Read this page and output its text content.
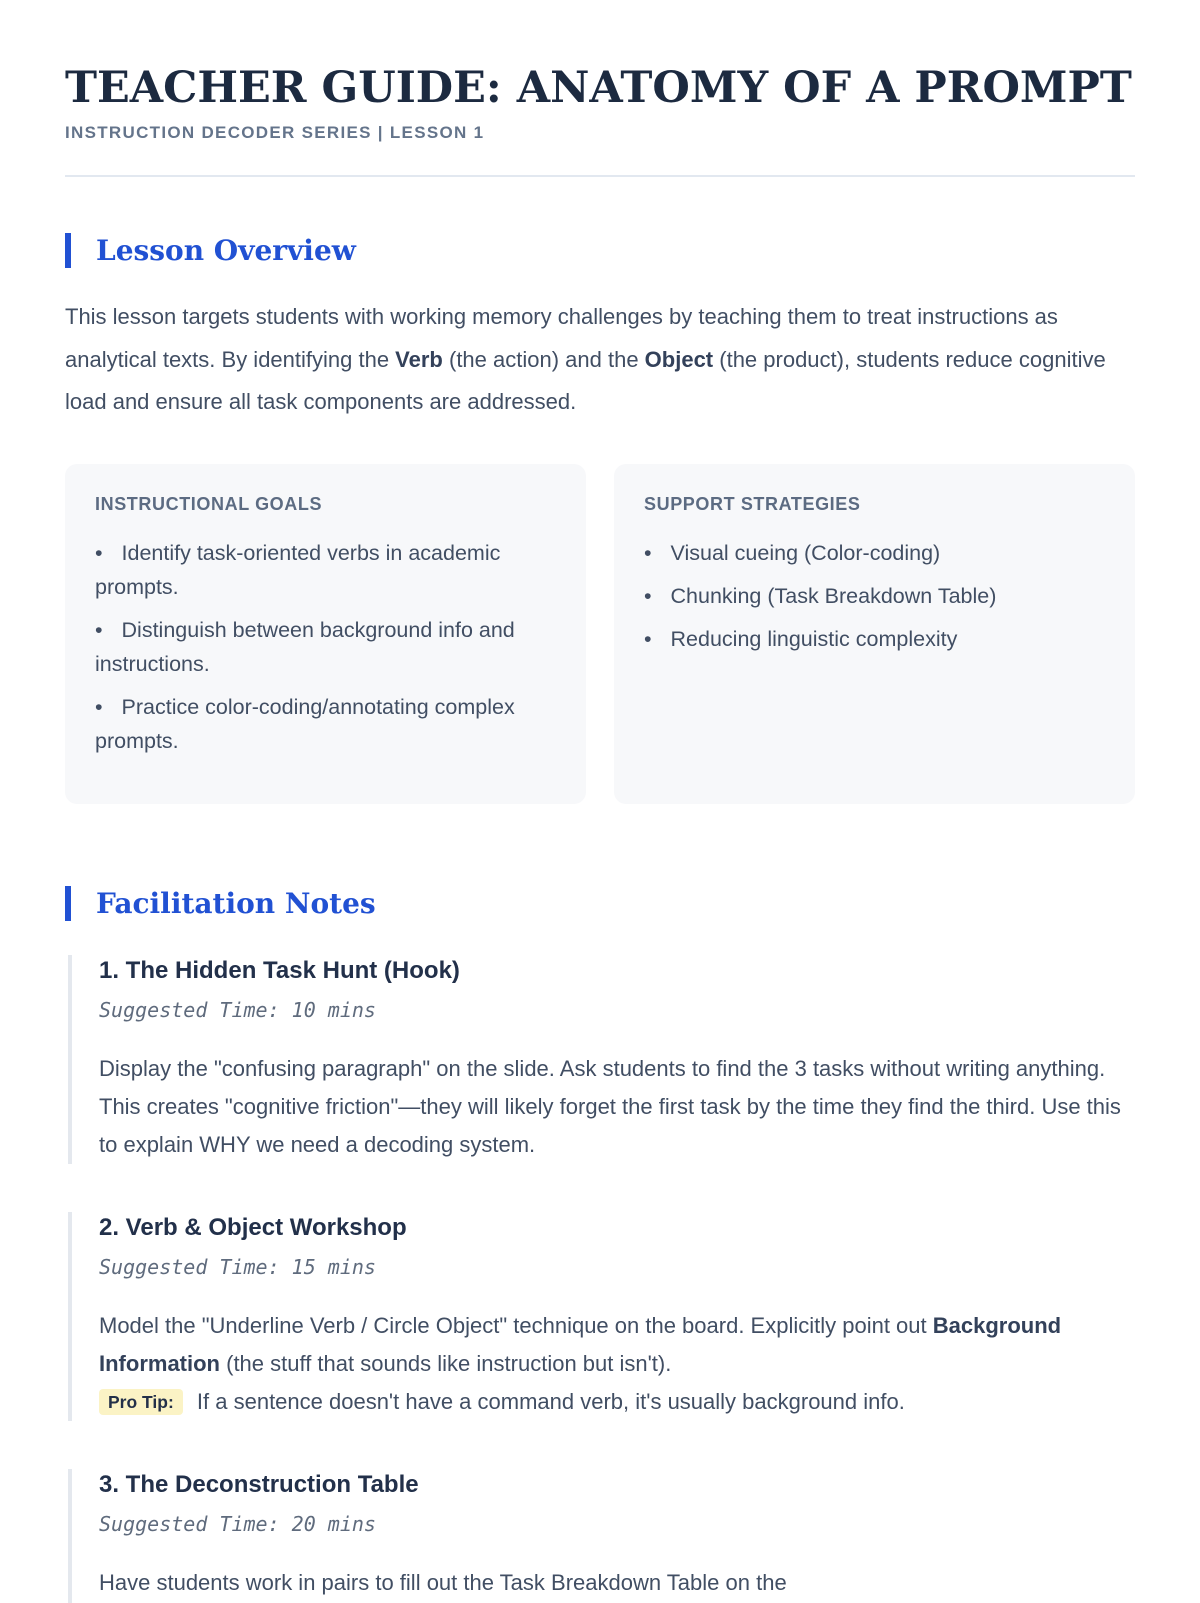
TEACHER GUIDE: ANATOMY OF A PROMPT
INSTRUCTION DECODER SERIES | LESSON 1
Lesson Overview

This lesson targets students with working memory challenges by teaching them to treat instructions as analytical texts. By identifying the Verb (the action) and the Object (the product), students reduce cognitive load and ensure all task components are addressed.

INSTRUCTIONAL GOALS
• Identify task-oriented verbs in academic prompts.
• Distinguish between background info and instructions.
• Practice color-coding/annotating complex prompts.
SUPPORT STRATEGIES
• Visual cueing (Color-coding)
• Chunking (Task Breakdown Table)
• Reducing linguistic complexity
Facilitation Notes
1. The Hidden Task Hunt (Hook)
Suggested Time: 10 mins

Display the "confusing paragraph" on the slide. Ask students to find the 3 tasks without writing anything. This creates "cognitive friction"—they will likely forget the first task by the time they find the third. Use this to explain WHY we need a decoding system.

2. Verb & Object Workshop
Suggested Time: 15 mins

Model the "Underline Verb / Circle Object" technique on the board. Explicitly point out Background Information (the stuff that sounds like instruction but isn't).
Pro Tip: If a sentence doesn't have a command verb, it's usually background info.

3. The Deconstruction Table
Suggested Time: 20 mins

Have students work in pairs to fill out the Task Breakdown Table on the
